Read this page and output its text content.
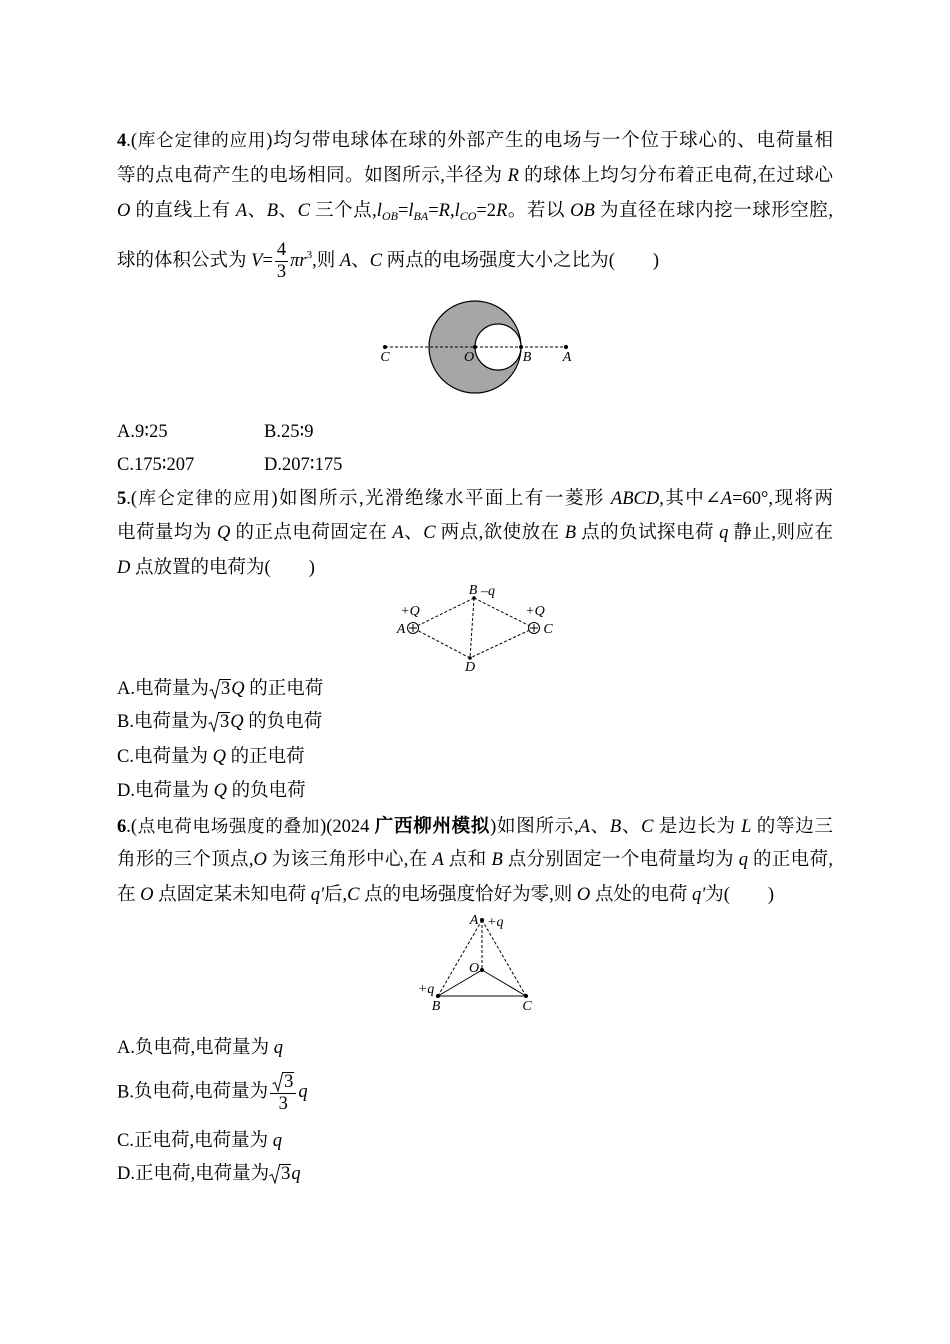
4.(库仑定律的应用)均匀带电球体在球的外部产生的电场与一个位于球心的、电荷量相
等的点电荷产生的电场相同。如图所示,半径为 R 的球体上均匀分布着正电荷,在过球心
O 的直线上有 A、B、C 三个点$,l_{OB}=l_{BA}=R,l_{CO}=2R$。若以 OB 为直径在球内挖一球形空腔,
球的体积公式为 $V= \frac{4}{3} \pi r^3$,则 A、C 两点的电场强度大小之比为( )
C	O	B A
A.9∶25	B.25∶9
C.175∶207	D.207∶175
5.(库仑定律的应用)如图所示,光滑绝缘水平面上有一菱形 ABCD,其中∠A=60°,现将两
电荷量均为 Q 的正点电荷固定在 A、C 两点,欲使放在 B 点的负试探电荷 q 静止,则应在
D 点放置的电荷为( )
B –q
+Q
A
+Q
C
D
A.电荷量为 3Q 的正电荷
B.电荷量为 3Q 的负电荷
C.电荷量为 Q 的正电荷
D.电荷量为 Q 的负电荷
6.(点电荷电场强度的叠加)(2024 广西柳州模拟)如图所示,A、B、C 是边长为 L 的等边三
角形的三个顶点,O 为该三角形中心,在 A 点和 B 点分别固定一个电荷量均为 q 的正电荷,
在 O 点固定某未知电荷 q'后,C 点的电场强度恰好为零,则 O 点处的电荷 q'为( )
A +q
O
+q
B	C
A.负电荷,电荷量为 q
B.负电荷,电荷量为 $\frac{3}{3}$ q
C.正电荷,电荷量为 q
D.正电荷,电荷量为 3q
